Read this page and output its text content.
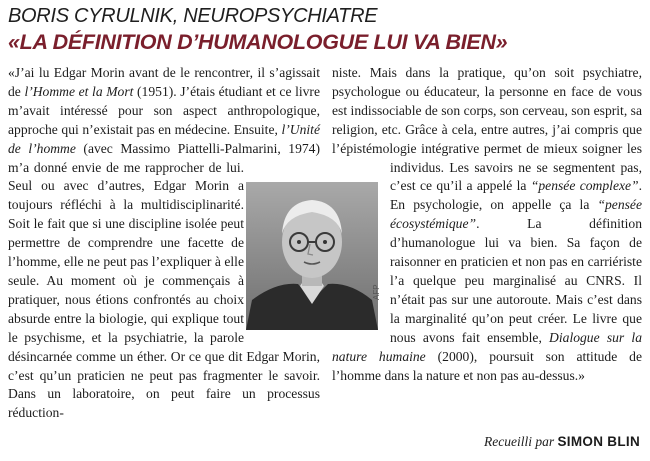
BORIS CYRULNIK, NEUROPSYCHIATRE
«LA DÉFINITION D’HUMANOLOGUE LUI VA BIEN»
AFP

«J’ai lu Edgar Morin avant de le rencontrer, il s’agissait de l’Homme et la Mort (1951). J’étais étudiant et ce livre m’avait intéressé pour son aspect anthropologique, approche qui n’existait pas en médecine. Ensuite, l’Unité de l’homme (avec Massimo Piattelli-Palmarini, 1974) m’a donné envie de me rapprocher de lui. Seul ou avec d’autres, Edgar Morin a toujours réfléchi à la multidisciplinarité. Soit le fait que si une discipline isolée peut permettre de comprendre une facette de l’homme, elle ne peut pas l’expliquer à elle seule. Au moment où je commençais à pratiquer, nous étions confrontés au choix absurde entre la biologie, qui explique tout le psychisme, et la psychiatrie, la parole désincarnée comme un éther. Or ce que dit Edgar Morin, c’est qu’un praticien ne peut pas fragmenter le savoir. Dans un laboratoire, on peut faire un processus réduction-

niste. Mais dans la pratique, qu’on soit psychiatre, psychologue ou éducateur, la personne en face de vous est indissociable de son corps, son cerveau, son esprit, sa religion, etc. Grâce à cela, entre autres, j’ai compris que l’épistémologie intégrative permet de mieux soigner les individus. Les savoirs ne se segmentent pas, c’est ce qu’il a appelé la “pensée complexe”. En psychologie, on appelle ça la “pensée écosystémique”. La définition d’humanologue lui va bien. Sa façon de raisonner en praticien et non pas en carriériste l’a quelque peu marginalisé au CNRS. Il n’était pas sur une autoroute. Mais c’est dans la marginalité qu’on peut créer. Le livre que nous avons fait ensemble, Dialogue sur la nature humaine (2000), poursuit son attitude de l’homme dans la nature et non pas au-dessus.»

Recueilli par SIMON BLIN
